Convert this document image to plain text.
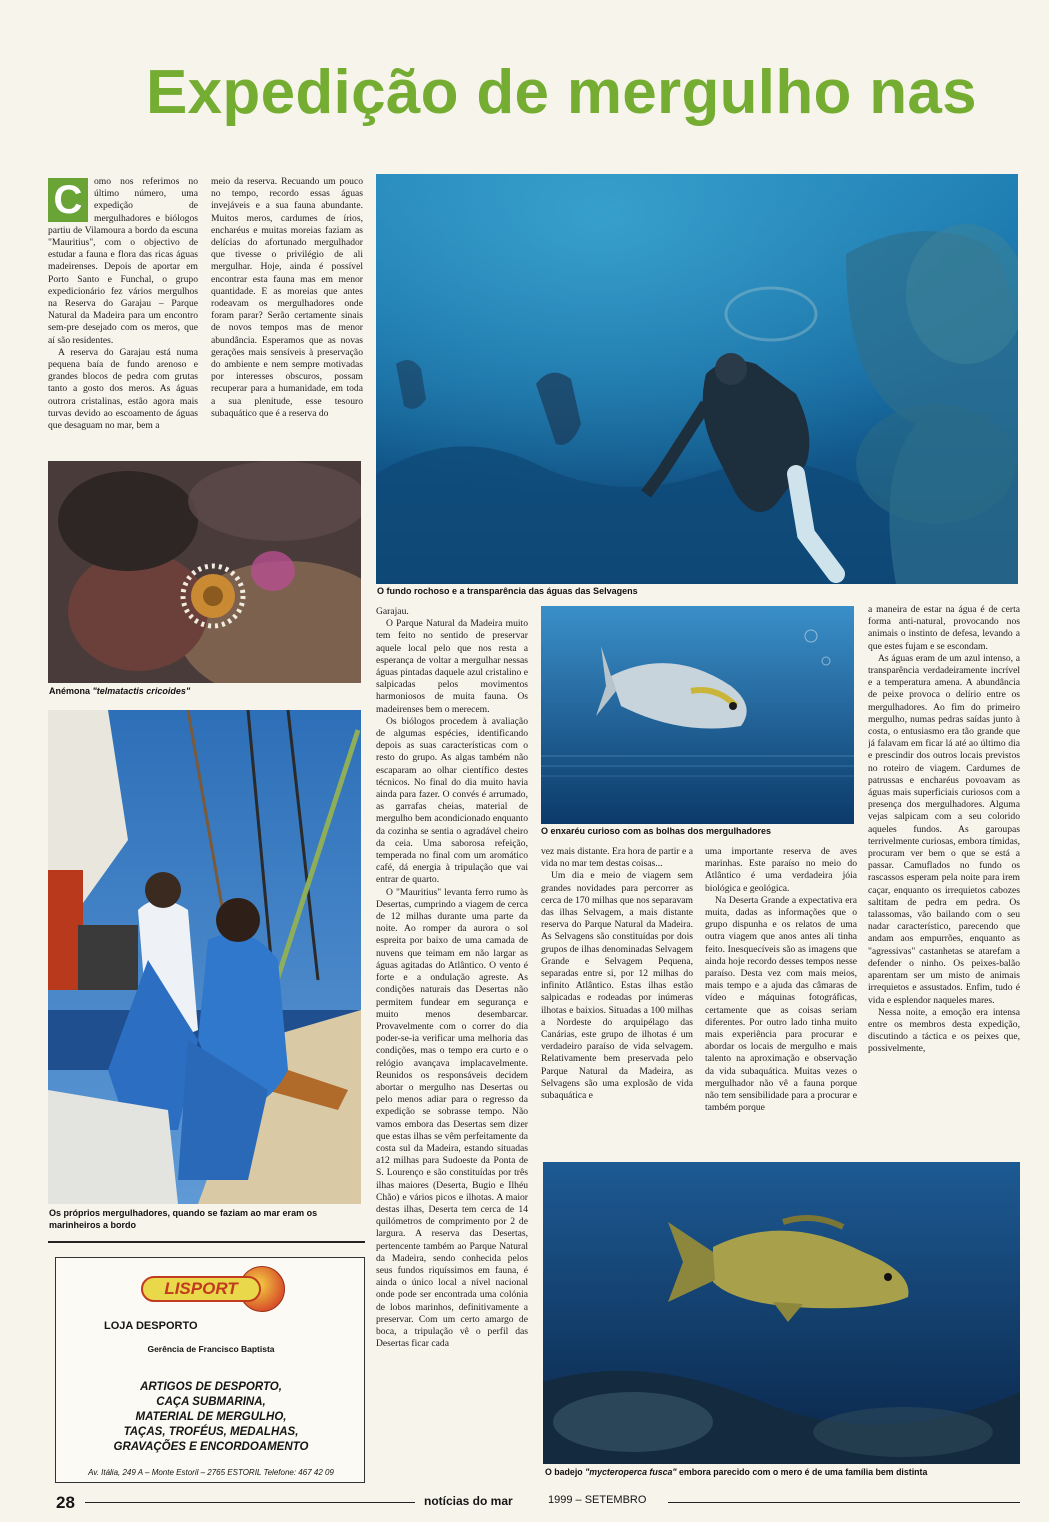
Expedição de mergulho nas
C	omo nos referimos no último número, uma expedição de mergulhadores e biólogos partiu de Vilamoura a bordo da escuna "Mauritius", com o objectivo de estudar a fauna e flora das ricas águas madeirenses. Depois de aportar em Porto Santo e Funchal, o grupo expedicionário fez vários mergulhos na Reserva do Garajau – Parque Natural da Madeira para um encontro sem-pre desejado com os meros, que aí são residentes.

A reserva do Garajau está numa pequena baía de fundo arenoso e grandes blocos de pedra com grutas tanto a gosto dos meros. As águas outrora cristalinas, estão agora mais turvas devido ao escoamento de águas que desaguam no mar, bem a

meio da reserva. Recuando um pouco no tempo, recordo essas águas invejáveis e a sua fauna abundante. Muitos meros, cardumes de írios, encharéus e muitas moreias faziam as delícias do afortunado mergulhador que tivesse o privilégio de ali mergulhar. Hoje, ainda é possível encontrar esta fauna mas em menor quantidade. E as moreias que antes rodeavam os mergulhadores onde foram parar? Serão certamente sinais de novos tempos mas de menor abundância. Esperamos que as novas gerações mais sensíveis à preservação do ambiente e nem sempre motivadas por interesses obscuros, possam recuperar para a humanidade, em toda a sua plenitude, esse tesouro subaquático que é a reserva do

O fundo rochoso e a transparência das águas das Selvagens
Anémona "telmatactis cricoides"
Os próprios mergulhadores, quando se faziam ao mar eram os marinheiros a bordo
LISPORT
LOJA DESPORTO
Gerência de Francisco Baptista
ARTIGOS DE DESPORTO,
CAÇA SUBMARINA,
MATERIAL DE MERGULHO,
TAÇAS, TROFÉUS, MEDALHAS,
GRAVAÇÕES E ENCORDOAMENTO
Av. Itália, 249 A – Monte Estoril – 2765 ESTORIL Telefone: 467 42 09

Garajau.

O Parque Natural da Madeira muito tem feito no sentido de preservar aquele local pelo que nos resta a esperança de voltar a mergulhar nessas águas pintadas daquele azul cristalino e salpicadas pelos movimentos harmoniosos de muita fauna. Os madeirenses bem o merecem.

Os biólogos procedem à avaliação de algumas espécies, identificando depois as suas características com o resto do grupo. As algas também não escaparam ao olhar científico destes técnicos. No final do dia muito havia ainda para fazer. O convés é arrumado, as garrafas cheias, material de mergulho bem acondicionado enquanto da cozinha se sentia o agradável cheiro da ceia. Uma saborosa refeição, temperada no final com um aromático café, dá energia à tripulação que vai entrar de quarto.

O "Mauritius" levanta ferro rumo às Desertas, cumprindo a viagem de cerca de 12 milhas durante uma parte da noite. Ao romper da aurora o sol espreita por baixo de uma camada de nuvens que teimam em não largar as águas agitadas do Atlântico. O vento é forte e a ondulação agreste. As condições naturais das Desertas não permitem fundear em segurança e muito menos desembarcar. Provavelmente com o correr do dia poder-se-ia verificar uma melhoria das condições, mas o tempo era curto e o relógio avançava implacavelmente. Reunidos os responsáveis decidem abortar o mergulho nas Desertas ou pelo menos adiar para o regresso da expedição se sobrasse tempo. Não vamos embora das Desertas sem dizer que estas ilhas se vêm perfeitamente da costa sul da Madeira, estando situadas a12 milhas para Sudoeste da Ponta de S. Lourenço e são constituídas por três ilhas maiores (Deserta, Bugio e Ilhéu Chão) e vários picos e ilhotas. A maior destas ilhas, Deserta tem cerca de 14 quilómetros de comprimento por 2 de largura. A reserva das Desertas, pertencente também ao Parque Natural da Madeira, sendo conhecida pelos seus fundos riquíssimos em fauna, é ainda o único local a nível nacional onde pode ser encontrada uma colónia de lobos marinhos, definitivamente a preservar. Com um certo amargo de boca, a tripulação vê o perfil das Desertas ficar cada

O enxaréu curioso com as bolhas dos mergulhadores

vez mais distante. Era hora de partir e a vida no mar tem destas coisas...

Um dia e meio de viagem sem grandes novidades para percorrer as cerca de 170 milhas que nos separavam das ilhas Selvagem, a mais distante reserva do Parque Natural da Madeira. As Selvagens são constituídas por dois grupos de ilhas denominadas Selvagem Grande e Selvagem Pequena, separadas entre si, por 12 milhas do infinito Atlântico. Estas ilhas estão salpicadas e rodeadas por inúmeras ilhotas e baixios. Situadas a 100 milhas a Nordeste do arquipélago das Canárias, este grupo de ilhotas é um verdadeiro paraíso de vida selvagem. Relativamente bem preservada pelo Parque Natural da Madeira, as Selvagens são uma explosão de vida subaquática e

uma importante reserva de aves marinhas. Este paraíso no meio do Atlântico é uma verdadeira jóia biológica e geológica.

Na Deserta Grande a expectativa era muita, dadas as informações que o grupo dispunha e os relatos de uma outra viagem que anos antes ali tinha feito. Inesquecíveis são as imagens que ainda hoje recordo desses tempos nesse paraíso. Desta vez com mais meios, mais tempo e a ajuda das câmaras de vídeo e máquinas fotográficas, certamente que as coisas seriam diferentes. Por outro lado tinha muito mais experiência para procurar e abordar os locais de mergulho e mais talento na aproximação e observação da vida subaquática. Muitas vezes o mergulhador não vê a fauna porque não tem sensibilidade para a procurar e também porque

a maneira de estar na água é de certa forma anti-natural, provocando nos animais o instinto de defesa, levando a que estes fujam e se escondam.

As águas eram de um azul intenso, a transparência verdadeiramente incrível e a temperatura amena. A abundância de peixe provoca o delírio entre os mergulhadores. Ao fim do primeiro mergulho, numas pedras saídas junto à costa, o entusiasmo era tão grande que já falavam em ficar lá até ao último dia e prescindir dos outros locais previstos no roteiro de viagem. Cardumes de patrussas e encharéus povoavam as águas mais superficiais curiosos com a presença dos mergulhadores. Alguma vejas salpicam com a seu colorido aqueles fundos. As garoupas terrivelmente curiosas, embora tímidas, procuram ver bem o que se está a passar. Camuflados no fundo os rascassos esperam pela noite para irem caçar, enquanto os irrequietos cabozes saltitam de pedra em pedra. Os talassomas, vão bailando com o seu nadar característico, parecendo que andam aos empurrões, enquanto as "agressivas" castanhetas se atarefam a defender o ninho. Os peixes-balão aparentam ser um misto de animais irrequietos e assustados. Enfim, tudo é vida e esplendor naqueles mares.

Nessa noite, a emoção era intensa entre os membros desta expedição, discutindo a táctica e os peixes que, possivelmente,

O badejo "mycteroperca fusca" embora parecido com o mero é de uma família bem distinta
28	notícias do mar	1999 – SETEMBRO
